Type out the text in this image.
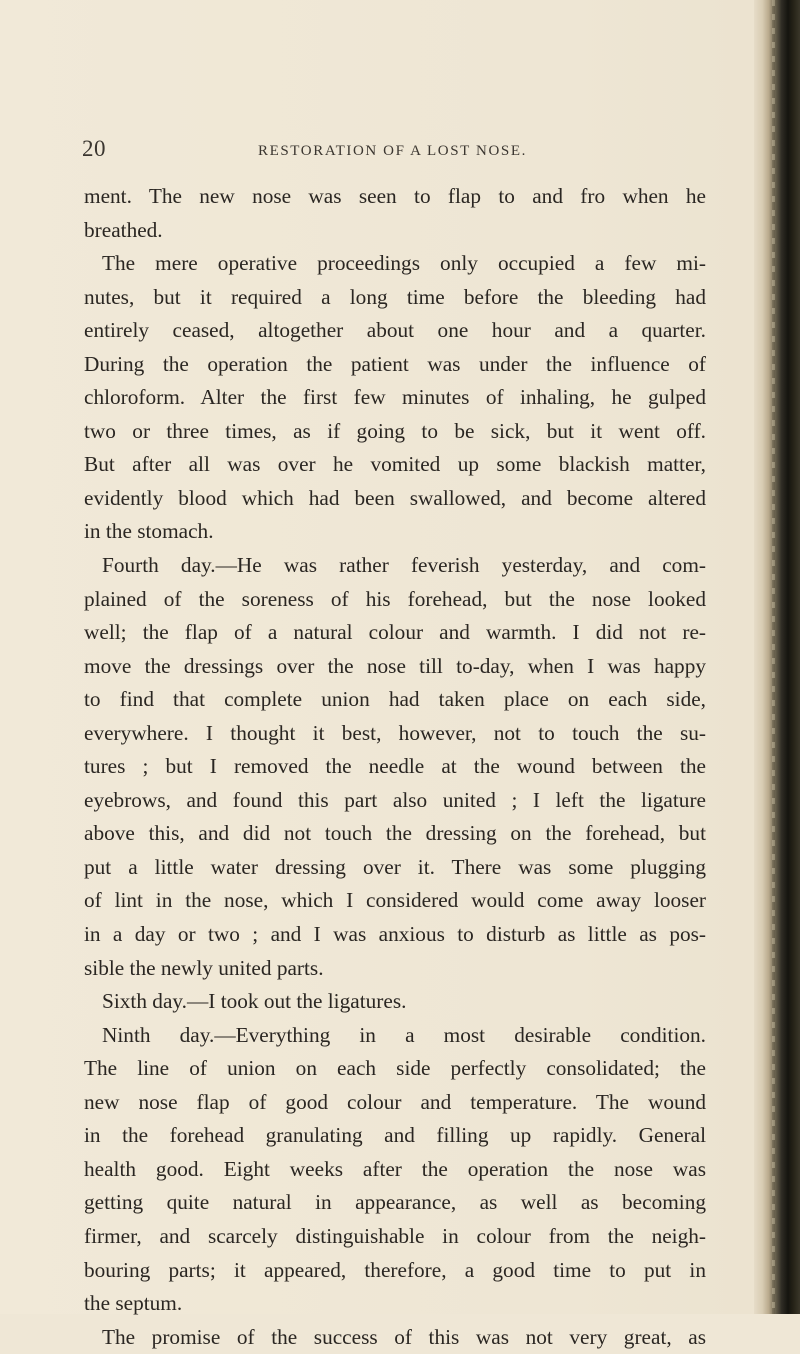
20	RESTORATION OF A LOST NOSE.
ment. The new nose was seen to flap to and fro when he
breathed.
The mere operative proceedings only occupied a few mi-
nutes, but it required a long time before the bleeding had
entirely ceased, altogether about one hour and a quarter.
During the operation the patient was under the influence of
chloroform. Alter the first few minutes of inhaling, he gulped
two or three times, as if going to be sick, but it went off.
But after all was over he vomited up some blackish matter,
evidently blood which had been swallowed, and become altered
in the stomach.
Fourth day.—He was rather feverish yesterday, and com-
plained of the soreness of his forehead, but the nose looked
well; the flap of a natural colour and warmth. I did not re-
move the dressings over the nose till to-day, when I was happy
to find that complete union had taken place on each side,
everywhere. I thought it best, however, not to touch the su-
tures ; but I removed the needle at the wound between the
eyebrows, and found this part also united ; I left the ligature
above this, and did not touch the dressing on the forehead, but
put a little water dressing over it. There was some plugging
of lint in the nose, which I considered would come away looser
in a day or two ; and I was anxious to disturb as little as pos-
sible the newly united parts.
Sixth day.—I took out the ligatures.
Ninth day.—Everything in a most desirable condition.
The line of union on each side perfectly consolidated; the
new nose flap of good colour and temperature. The wound
in the forehead granulating and filling up rapidly. General
health good. Eight weeks after the operation the nose was
getting quite natural in appearance, as well as becoming
firmer, and scarcely distinguishable in colour from the neigh-
bouring parts; it appeared, therefore, a good time to put in
the septum.
The promise of the success of this was not very great, as
